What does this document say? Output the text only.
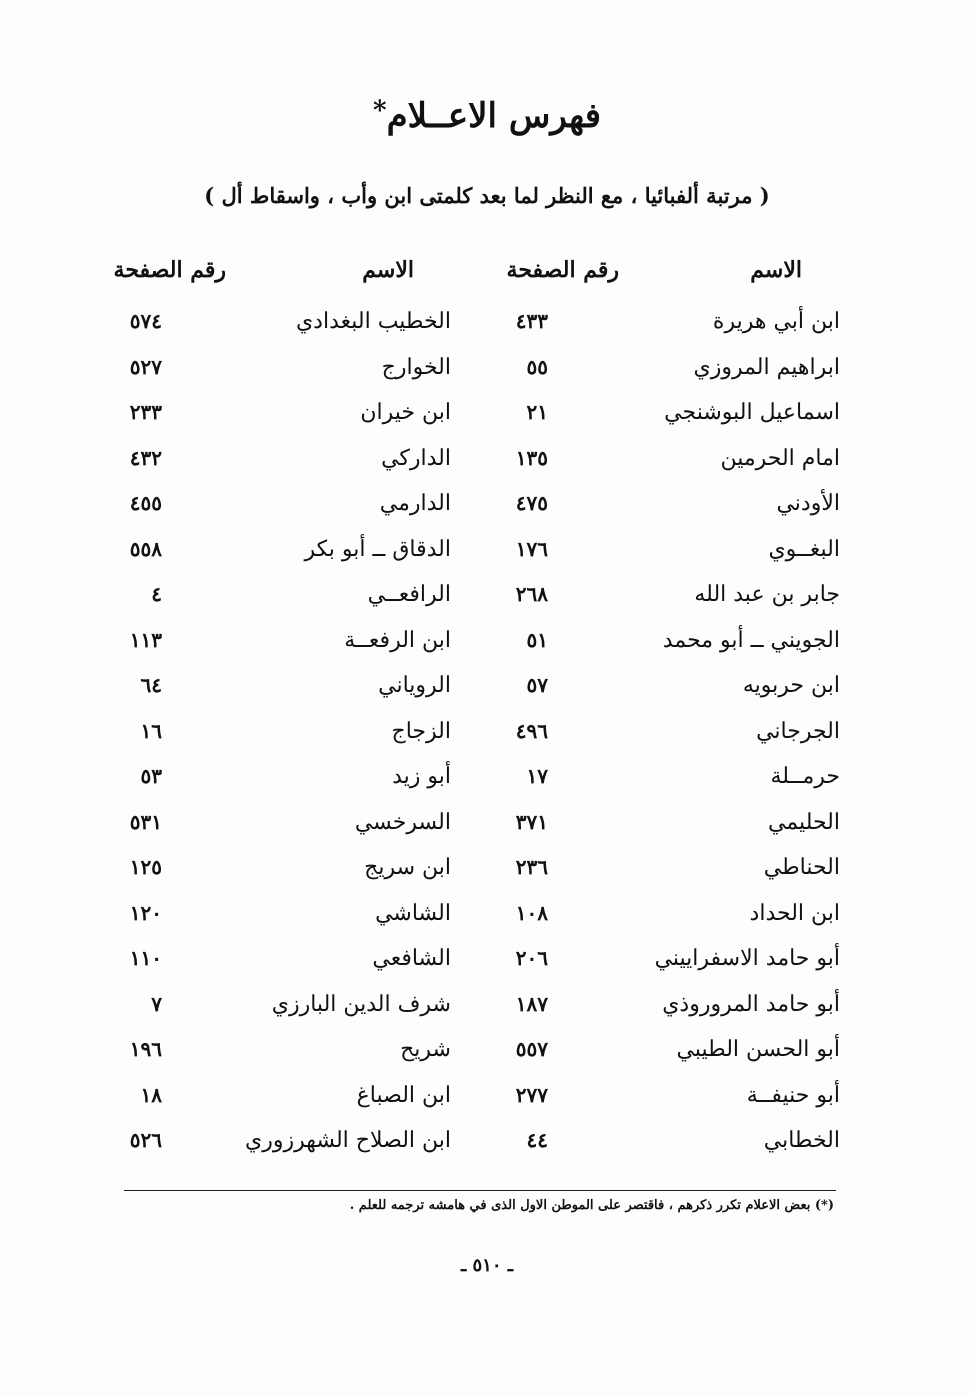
فهرس الاعــلام*
( مرتبة ألفبائيا ، مع النظر لما بعد كلمتى ابن وأب ، واسقاط أل )
الاسم
رقم الصفحة
الاسم
رقم الصفحة
ابن أبي هريرة
٤٣٣
الخطيب البغدادي
٥٧٤
ابراهيم المروزي
٥٥
الخوارج
٥٢٧
اسماعيل البوشنجي
٢١
ابن خيران
٢٣٣
امام الحرمين
١٣٥
الداركي
٤٣٢
الأودني
٤٧٥
الدارمي
٤٥٥
البغــوي
١٧٦
الدقاق ــ أبو بكر
٥٥٨
جابر بن عبد الله
٢٦٨
الرافعــي
٤
الجويني ــ أبو محمد
٥١
ابن الرفعــة
١١٣
ابن حربويه
٥٧
الروياني
٦٤
الجرجاني
٤٩٦
الزجاج
١٦
حرمــلة
١٧
أبو زيد
٥٣
الحليمي
٣٧١
السرخسي
٥٣١
الحناطي
٢٣٦
ابن سريج
١٢٥
ابن الحداد
١٠٨
الشاشي
١٢٠
أبو حامد الاسفراييني
٢٠٦
الشافعي
١١٠
أبو حامد المروروذي
١٨٧
شرف الدين البارزي
٧
أبو الحسن الطيبي
٥٥٧
شريح
١٩٦
أبو حنيفــة
٢٧٧
ابن الصباغ
١٨
الخطابي
٤٤
ابن الصلاح الشهرزوري
٥٢٦
(*) بعض الاعلام تكرر ذكرهم ، فاقتصر على الموطن الاول الذى في هامشه ترجمه للعلم .
ـ ٥١٠ ـ
